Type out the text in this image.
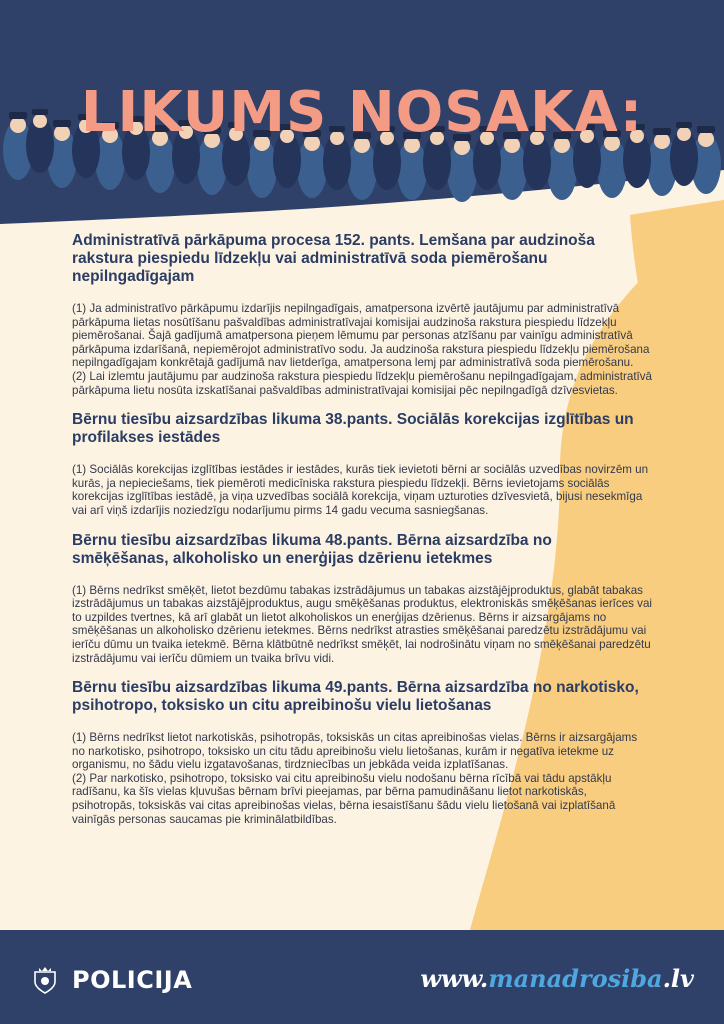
LIKUMS NOSAKA:

Administratīvā pārkāpuma procesa 152. pants. Lemšana par audzinoša rakstura piespiedu līdzekļu vai administratīvā soda piemērošanu nepilngadīgajam

(1) Ja administratīvo pārkāpumu izdarījis nepilngadīgais, amatpersona izvērtē jautājumu par administratīvā pārkāpuma lietas nosūtīšanu pašvaldības administratīvajai komisijai audzinoša rakstura piespiedu līdzekļu piemērošanai. Šajā gadījumā amatpersona pieņem lēmumu par personas atzīšanu par vainīgu administratīvā pārkāpuma izdarīšanā, nepiemērojot administratīvo sodu. Ja audzinoša rakstura piespiedu līdzekļu piemērošana nepilngadīgajam konkrētajā gadījumā nav lietderīga, amatpersona lemj par administratīvā soda piemērošanu.
(2) Lai izlemtu jautājumu par audzinoša rakstura piespiedu līdzekļu piemērošanu nepilngadīgajam, administratīvā pārkāpuma lietu nosūta izskatīšanai pašvaldības administratīvajai komisijai pēc nepilngadīgā dzīvesvietas.

Bērnu tiesību aizsardzības likuma 38.pants. Sociālās korekcijas izglītības un profilakses iestādes

(1) Sociālās korekcijas izglītības iestādes ir iestādes, kurās tiek ievietoti bērni ar sociālās uzvedības novirzēm un kurās, ja nepieciešams, tiek piemēroti medicīniska rakstura piespiedu līdzekļi. Bērns ievietojams sociālās korekcijas izglītības iestādē, ja viņa uzvedības sociālā korekcija, viņam uzturoties dzīvesvietā, bijusi nesekmīga vai arī viņš izdarījis noziedzīgu nodarījumu pirms 14 gadu vecuma sasniegšanas.

Bērnu tiesību aizsardzības likuma 48.pants. Bērna aizsardzība no smēķēšanas, alkoholisko un enerģijas dzērienu ietekmes

(1) Bērns nedrīkst smēķēt, lietot bezdūmu tabakas izstrādājumus un tabakas aizstājējproduktus, glabāt tabakas izstrādājumus un tabakas aizstājējproduktus, augu smēķēšanas produktus, elektroniskās smēķēšanas ierīces vai to uzpildes tvertnes, kā arī glabāt un lietot alkoholiskos un enerģijas dzērienus. Bērns ir aizsargājams no smēķēšanas un alkoholisko dzērienu ietekmes. Bērns nedrīkst atrasties smēķēšanai paredzētu izstrādājumu vai ierīču dūmu un tvaika ietekmē. Bērna klātbūtnē nedrīkst smēķēt, lai nodrošinātu viņam no smēķēšanai paredzētu izstrādājumu vai ierīču dūmiem un tvaika brīvu vidi.

Bērnu tiesību aizsardzības likuma 49.pants. Bērna aizsardzība no narkotisko, psihotropo, toksisko un citu apreibinošu vielu lietošanas

(1) Bērns nedrīkst lietot narkotiskās, psihotropās, toksiskās un citas apreibinošas vielas. Bērns ir aizsargājams no narkotisko, psihotropo, toksisko un citu tādu apreibinošu vielu lietošanas, kurām ir negatīva ietekme uz organismu, no šādu vielu izgatavošanas, tirdzniecības un jebkāda veida izplatīšanas.
(2) Par narkotisko, psihotropo, toksisko vai citu apreibinošu vielu nodošanu bērna rīcībā vai tādu apstākļu radīšanu, ka šīs vielas kļuvušas bērnam brīvi pieejamas, par bērna pamudināšanu lietot narkotiskās, psihotropās, toksiskās vai citas apreibinošas vielas, bērna iesaistīšanu šādu vielu lietošanā vai izplatīšanā vainīgās personas saucamas pie kriminālatbildības.

POLICIJA	www.manadrosiba.lv
